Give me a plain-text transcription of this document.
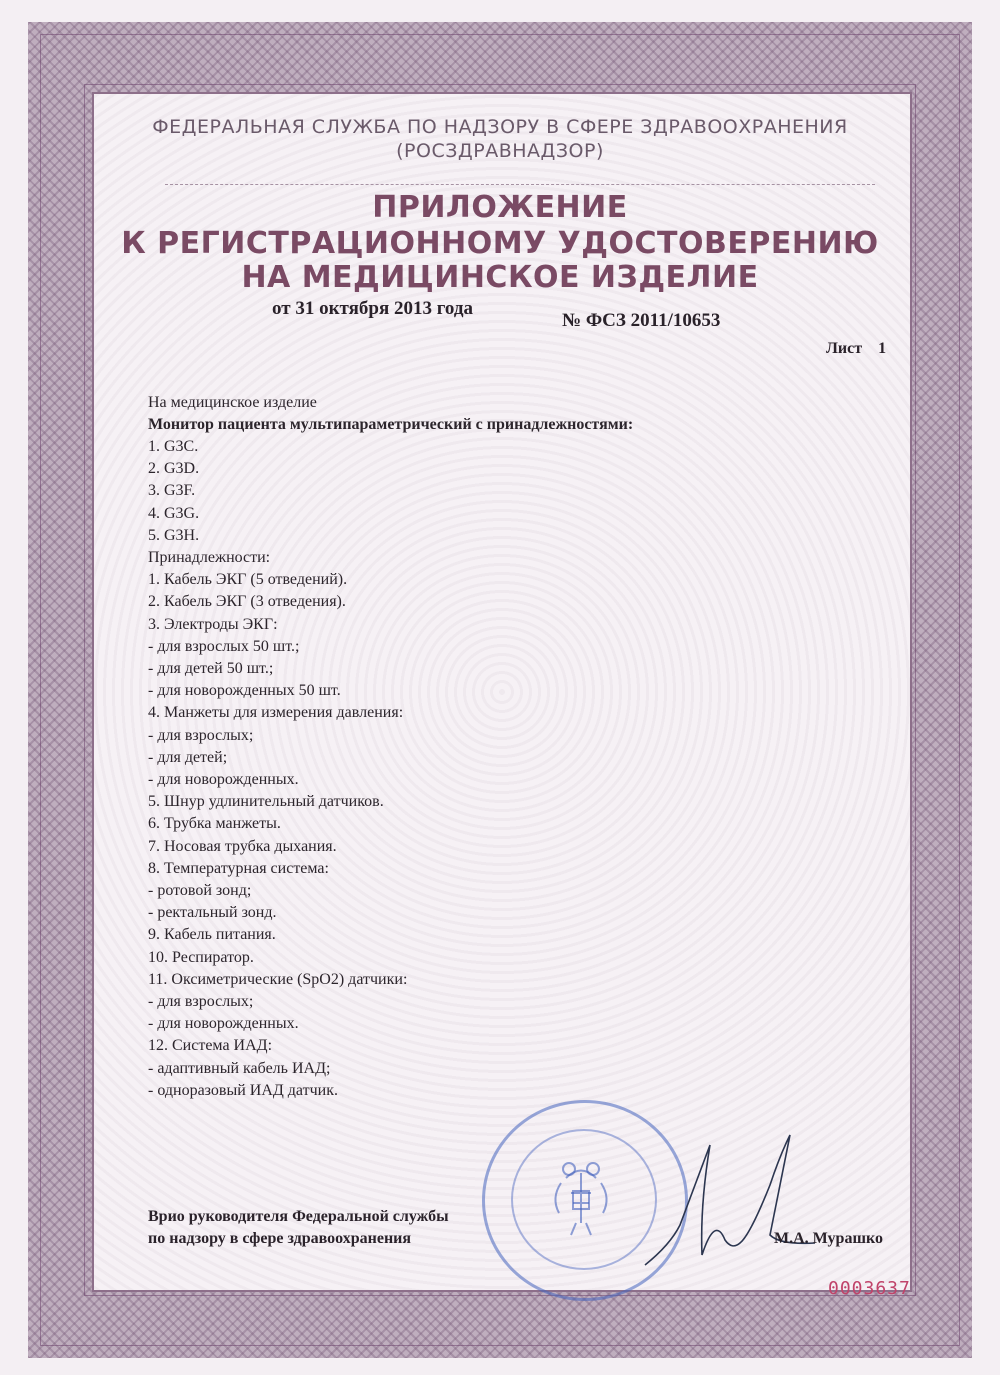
ФЕДЕРАЛЬНАЯ СЛУЖБА ПО НАДЗОРУ В СФЕРЕ ЗДРАВООХРАНЕНИЯ
(РОСЗДРАВНАДЗОР)
ПРИЛОЖЕНИЕ
К РЕГИСТРАЦИОННОМУ УДОСТОВЕРЕНИЮ
НА МЕДИЦИНСКОЕ ИЗДЕЛИЕ
от 31 октября 2013 года
№ ФСЗ 2011/10653
Лист    1
На медицинское изделие
Монитор пациента мультипараметрический с принадлежностями:
1. G3C.
2. G3D.
3. G3F.
4. G3G.
5. G3H.
Принадлежности:
1. Кабель ЭКГ (5 отведений).
2. Кабель ЭКГ (3 отведения).
3. Электроды ЭКГ:
- для взрослых 50 шт.;
- для детей 50 шт.;
- для новорожденных 50 шт.
4. Манжеты для измерения давления:
- для взрослых;
- для детей;
- для новорожденных.
5. Шнур удлинительный датчиков.
6. Трубка манжеты.
7. Носовая трубка дыхания.
8. Температурная система:
- ротовой зонд;
- ректальный зонд.
9. Кабель питания.
10. Респиратор.
11. Оксиметрические (SpO2) датчики:
- для взрослых;
- для новорожденных.
12. Система ИАД:
- адаптивный кабель ИАД;
- одноразовый ИАД датчик.
Врио руководителя Федеральной службы
по надзору в сфере здравоохранения	М.А. Мурашко
0003637
